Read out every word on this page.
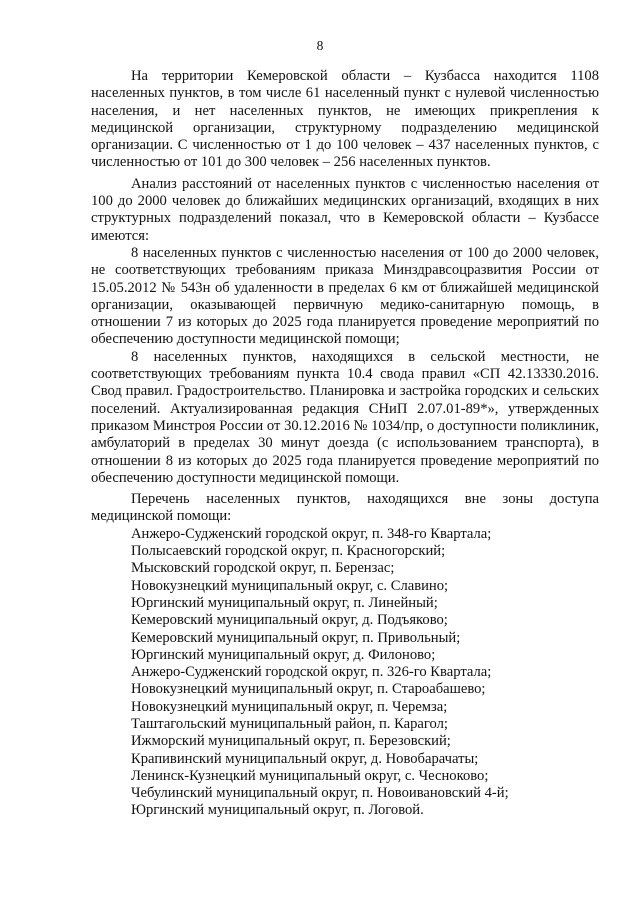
8

На территории Кемеровской области – Кузбасса находится 1108 населенных пунктов, в том числе 61 населенный пункт с нулевой численностью населения, и нет населенных пунктов, не имеющих прикрепления к медицинской организации, структурному подразделению медицинской организации. С численностью от 1 до 100 человек – 437 населенных пунктов, с численностью от 101 до 300 человек – 256 населенных пунктов.

Анализ расстояний от населенных пунктов с численностью населения от 100 до 2000 человек до ближайших медицинских организаций, входящих в них структурных подразделений показал, что в Кемеровской области – Кузбассе имеются:

8 населенных пунктов с численностью населения от 100 до 2000 человек, не соответствующих требованиям приказа Минздравсоцразвития России от 15.05.2012 № 543н об удаленности в пределах 6 км от ближайшей медицинской организации, оказывающей первичную медико-санитарную помощь, в отношении 7 из которых до 2025 года планируется проведение мероприятий по обеспечению доступности медицинской помощи;

8 населенных пунктов, находящихся в сельской местности, не соответствующих требованиям пункта 10.4 свода правил «СП 42.13330.2016. Свод правил. Градостроительство. Планировка и застройка городских и сельских поселений. Актуализированная редакция СНиП 2.07.01-89*», утвержденных приказом Минстроя России от 30.12.2016 № 1034/пр, о доступности поликлиник, амбулаторий в пределах 30 минут доезда (с использованием транспорта), в отношении 8 из которых до 2025 года планируется проведение мероприятий по обеспечению доступности медицинской помощи.

Перечень населенных пунктов, находящихся вне зоны доступа медицинской помощи:

Анжеро-Судженский городской округ, п. 348-го Квартала;
Полысаевский городской округ, п. Красногорский;
Мысковский городской округ, п. Берензас;
Новокузнецкий муниципальный округ, с. Славино;
Юргинский муниципальный округ, п. Линейный;
Кемеровский муниципальный округ, д. Подъяково;
Кемеровский муниципальный округ, п. Привольный;
Юргинский муниципальный округ, д. Филоново;
Анжеро-Судженский городской округ, п. 326-го Квартала;
Новокузнецкий муниципальный округ, п. Староабашево;
Новокузнецкий муниципальный округ, п. Черемза;
Таштагольский муниципальный район, п. Карагол;
Ижморский муниципальный округ, п. Березовский;
Крапивинский муниципальный округ, д. Новобарачаты;
Ленинск-Кузнецкий муниципальный округ, с. Чесноково;
Чебулинский муниципальный округ, п. Новоивановский 4-й;
Юргинский муниципальный округ, п. Логовой.
